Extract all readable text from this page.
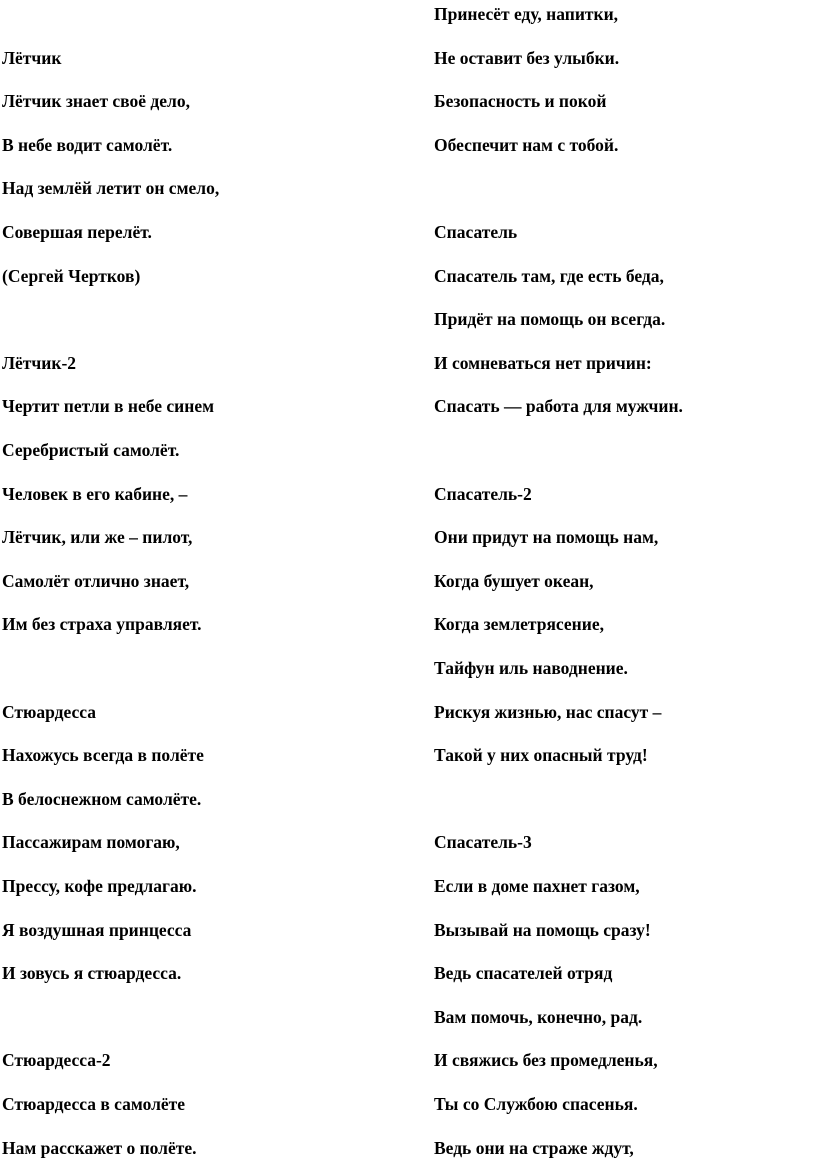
Лётчик
Лётчик знает своё дело,
В небе водит самолёт.
Над землёй летит он смело,
Совершая перелёт.
(Сергей Чертков)
Лётчик-2
Чертит петли в небе синем
Серебристый самолёт.
Человек в его кабине, –
Лётчик, или же – пилот,
Самолёт отлично знает,
Им без страха управляет.
Стюардесса
Нахожусь всегда в полёте
В белоснежном самолёте.
Пассажирам помогаю,
Прессу, кофе предлагаю.
Я воздушная принцесса
И зовусь я стюардесса.
Стюардесса-2
Стюардесса в самолёте
Нам расскажет о полёте.
Принесёт еду, напитки,
Не оставит без улыбки.
Безопасность и покой
Обеспечит нам с тобой.
Спасатель
Спасатель там, где есть беда,
Придёт на помощь он всегда.
И сомневаться нет причин:
Спасать — работа для мужчин.
Спасатель-2
Они придут на помощь нам,
Когда бушует океан,
Когда землетрясение,
Тайфун иль наводнение.
Рискуя жизнью, нас спасут –
Такой у них опасный труд!
Спасатель-3
Если в доме пахнет газом,
Вызывай на помощь сразу!
Ведь спасателей отряд
Вам помочь, конечно, рад.
И свяжись без промедленья,
Ты со Службою спасенья.
Ведь они на страже ждут,
